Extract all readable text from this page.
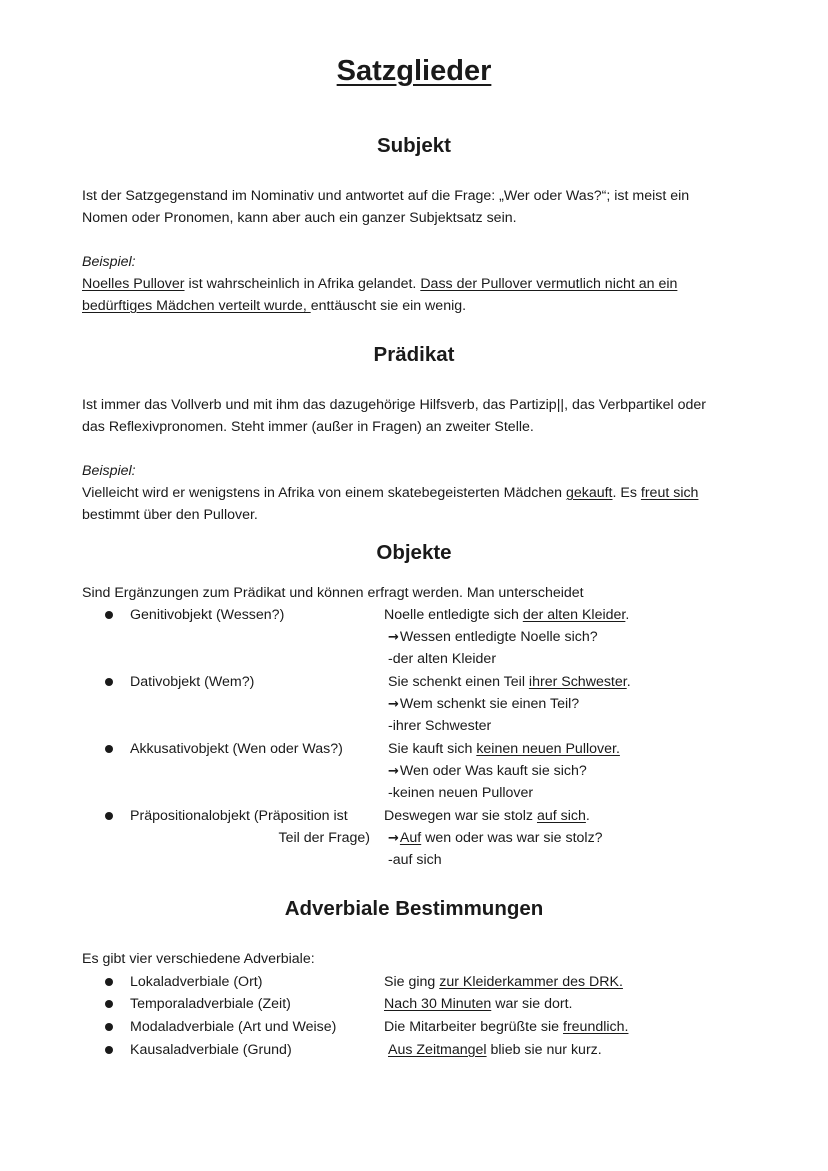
Satzglieder
Subjekt
Ist der Satzgegenstand im Nominativ und antwortet auf die Frage: „Wer oder Was?“; ist meist ein
Nomen oder Pronomen, kann aber auch ein ganzer Subjektsatz sein.
Beispiel:
Noelles Pullover ist wahrscheinlich in Afrika gelandet. Dass der Pullover vermutlich nicht an ein
bedürftiges Mädchen verteilt wurde, enttäuscht sie ein wenig.
Prädikat
Ist immer das Vollverb und mit ihm das dazugehörige Hilfsverb, das Partizip||, das Verbpartikel oder
das Reflexivpronomen. Steht immer (außer in Fragen) an zweiter Stelle.
Beispiel:
Vielleicht wird er wenigstens in Afrika von einem skatebegeisterten Mädchen gekauft. Es freut sich
bestimmt über den Pullover.
Objekte
Sind Ergänzungen zum Prädikat und können erfragt werden. Man unterscheidet
Genitivobjekt (Wessen?)	Noelle entledigte sich der alten Kleider.
→Wessen entledigte Noelle sich?
-der alten Kleider
Dativobjekt (Wem?)	Sie schenkt einen Teil ihrer Schwester.
→Wem schenkt sie einen Teil?
-ihrer Schwester
Akkusativobjekt (Wen oder Was?)	Sie kauft sich keinen neuen Pullover.
→Wen oder Was kauft sie sich?
-keinen neuen Pullover
Präpositionalobjekt (Präposition ist	Deswegen war sie stolz auf sich.
Teil der Frage) →Auf wen oder was war sie stolz?
-auf sich
Adverbiale Bestimmungen
Es gibt vier verschiedene Adverbiale:
Lokaladverbiale (Ort)	Sie ging zur Kleiderkammer des DRK.
Temporaladverbiale (Zeit)	Nach 30 Minuten war sie dort.
Modaladverbiale (Art und Weise)	Die Mitarbeiter begrüßte sie freundlich.
Kausaladverbiale (Grund)	Aus Zeitmangel blieb sie nur kurz.
